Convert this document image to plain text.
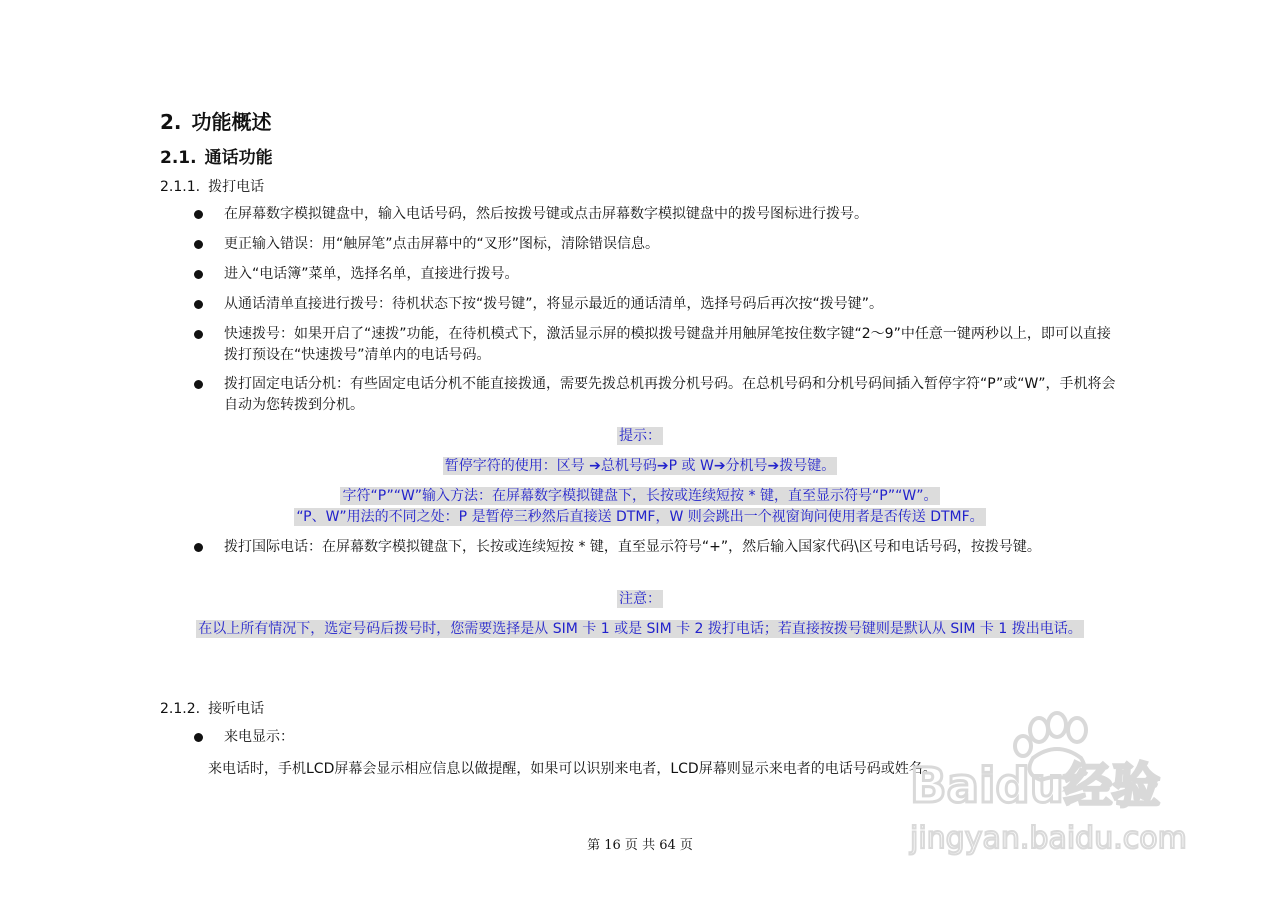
2. 功能概述
2.1. 通话功能
2.1.1. 拨打电话
在屏幕数字模拟键盘中，输入电话号码，然后按拨号键或点击屏幕数字模拟键盘中的拨号图标进行拨号。
更正输入错误：用“触屏笔”点击屏幕中的“叉形”图标，清除错误信息。
进入“电话簿”菜单，选择名单，直接进行拨号。
从通话清单直接进行拨号：待机状态下按“拨号键”，将显示最近的通话清单，选择号码后再次按“拨号键”。
快速拨号：如果开启了“速拨”功能，在待机模式下，激活显示屏的模拟拨号键盘并用触屏笔按住数字键“2～9”中任意一键两秒以上，即可以直接拨打预设在“快速拨号”清单内的电话号码。
拨打固定电话分机：有些固定电话分机不能直接拨通，需要先拨总机再拨分机号码。在总机号码和分机号码间插入暂停字符“P”或“W”，手机将会自动为您转拨到分机。
提示：
暂停字符的使用：区号 ➔总机号码➔P 或 W➔分机号➔拨号键。
字符“P”“W”输入方法：在屏幕数字模拟键盘下，长按或连续短按 * 键，直至显示符号“P”“W”。
“P、W”用法的不同之处：P 是暂停三秒然后直接送 DTMF，W 则会跳出一个视窗询问使用者是否传送 DTMF。
拨打国际电话：在屏幕数字模拟键盘下，长按或连续短按 * 键，直至显示符号“+”，然后输入国家代码\区号和电话号码，按拨号键。
注意：
在以上所有情况下，选定号码后拨号时，您需要选择是从 SIM 卡 1 或是 SIM 卡 2 拨打电话；若直接按拨号键则是默认从 SIM 卡 1 拨出电话。
2.1.2. 接听电话
来电显示：
来电话时，手机LCD屏幕会显示相应信息以做提醒，如果可以识别来电者，LCD屏幕则显示来电者的电话号码或姓名。
第 16 页 共 64 页
Baidu经验
jingyan.baidu.com
